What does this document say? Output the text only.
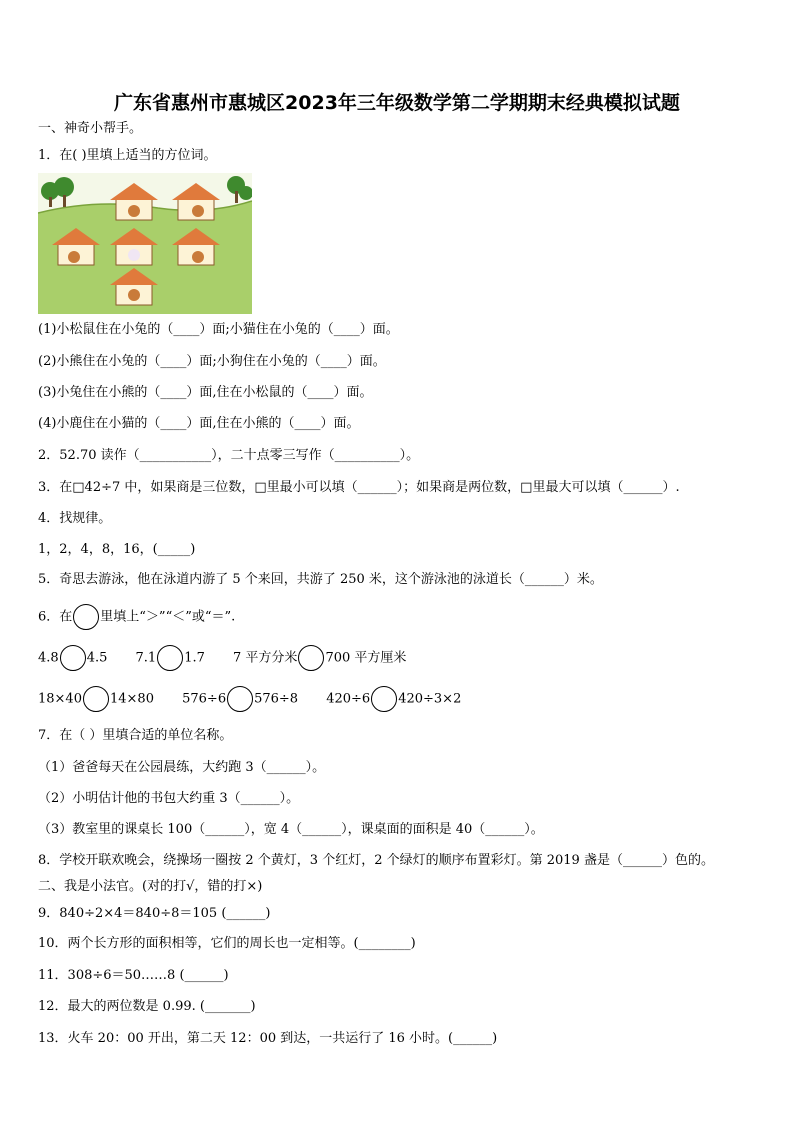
广东省惠州市惠城区2023年三年级数学第二学期期末经典模拟试题
一、神奇小帮手。
1．在( )里填上适当的方位词。
(1)小松鼠住在小兔的（____）面;小猫住在小兔的（____）面。
(2)小熊住在小兔的（____）面;小狗住在小兔的（____）面。
(3)小兔住在小熊的（____）面,住在小松鼠的（____）面。
(4)小鹿住在小猫的（____）面,住在小熊的（____）面。
2．52.70 读作（___________），二十点零三写作（__________）。
3．在□42÷7 中，如果商是三位数，□里最小可以填（______）；如果商是两位数，□里最大可以填（______）.
4．找规律。
1，2，4，8，16，(_____)
5．奇思去游泳，他在泳道内游了 5 个来回，共游了 250 米，这个游泳池的泳道长（______）米。
6．在 里填上“＞”“＜”或“＝”.
4.8 4.5 7.1 1.7 7 平方分米 700 平方厘米
18×40 14×80 576÷6 576÷8 420÷6 420÷3×2
7．在（ ）里填合适的单位名称。
（1）爸爸每天在公园晨练，大约跑 3（______）。
（2）小明估计他的书包大约重 3（______）。
（3）教室里的课桌长 100（______），宽 4（______），课桌面的面积是 40（______）。
8．学校开联欢晚会，绕操场一圈按 2 个黄灯，3 个红灯，2 个绿灯的顺序布置彩灯。第 2019 盏是（______）色的。
二、我是小法官。(对的打√，错的打×)
9．840÷2×4＝840÷8＝105 (______)
10．两个长方形的面积相等，它们的周长也一定相等。(________)
11．308÷6＝50……8 (______)
12．最大的两位数是 0.99. (_______)
13．火车 20：00 开出，第二天 12：00 到达，一共运行了 16 小时。(______)
